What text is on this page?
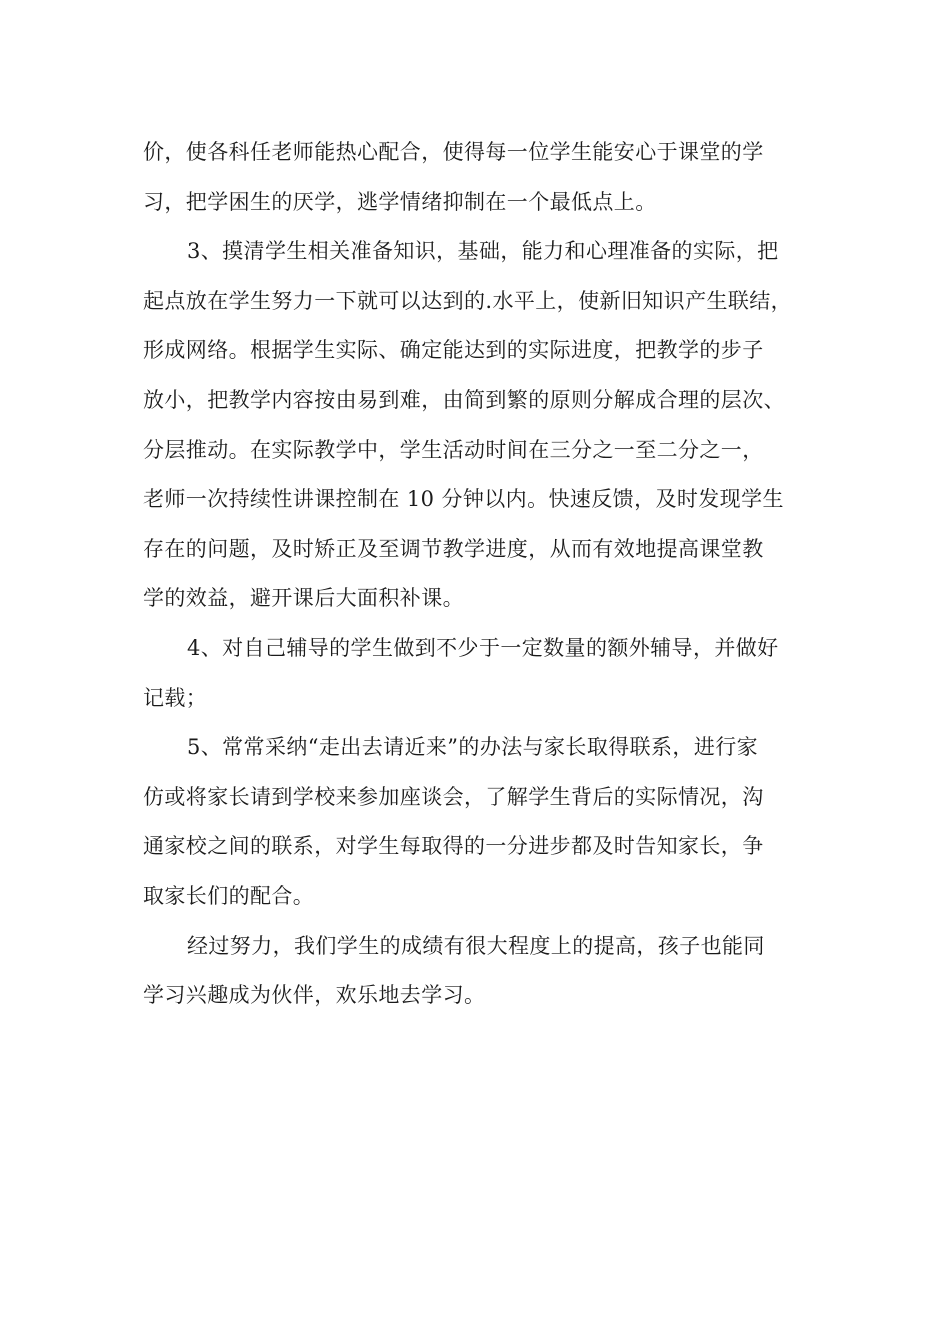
价，使各科任老师能热心配合，使得每一位学生能安心于课堂的学
习，把学困生的厌学，逃学情绪抑制在一个最低点上。
3、摸清学生相关准备知识，基础，能力和心理准备的实际，把
起点放在学生努力一下就可以达到的.水平上，使新旧知识产生联结，
形成网络。根据学生实际、确定能达到的实际进度，把教学的步子
放小，把教学内容按由易到难，由简到繁的原则分解成合理的层次、
分层推动。在实际教学中，学生活动时间在三分之一至二分之一，
老师一次持续性讲课控制在 10 分钟以内。快速反馈，及时发现学生
存在的问题，及时矫正及至调节教学进度，从而有效地提高课堂教
学的效益，避开课后大面积补课。
4、对自己辅导的学生做到不少于一定数量的额外辅导，并做好
记载；
5、常常采纳“走出去请近来”的办法与家长取得联系，进行家
仿或将家长请到学校来参加座谈会，了解学生背后的实际情况，沟
通家校之间的联系，对学生每取得的一分进步都及时告知家长，争
取家长们的配合。
经过努力，我们学生的成绩有很大程度上的提高，孩子也能同
学习兴趣成为伙伴，欢乐地去学习。
